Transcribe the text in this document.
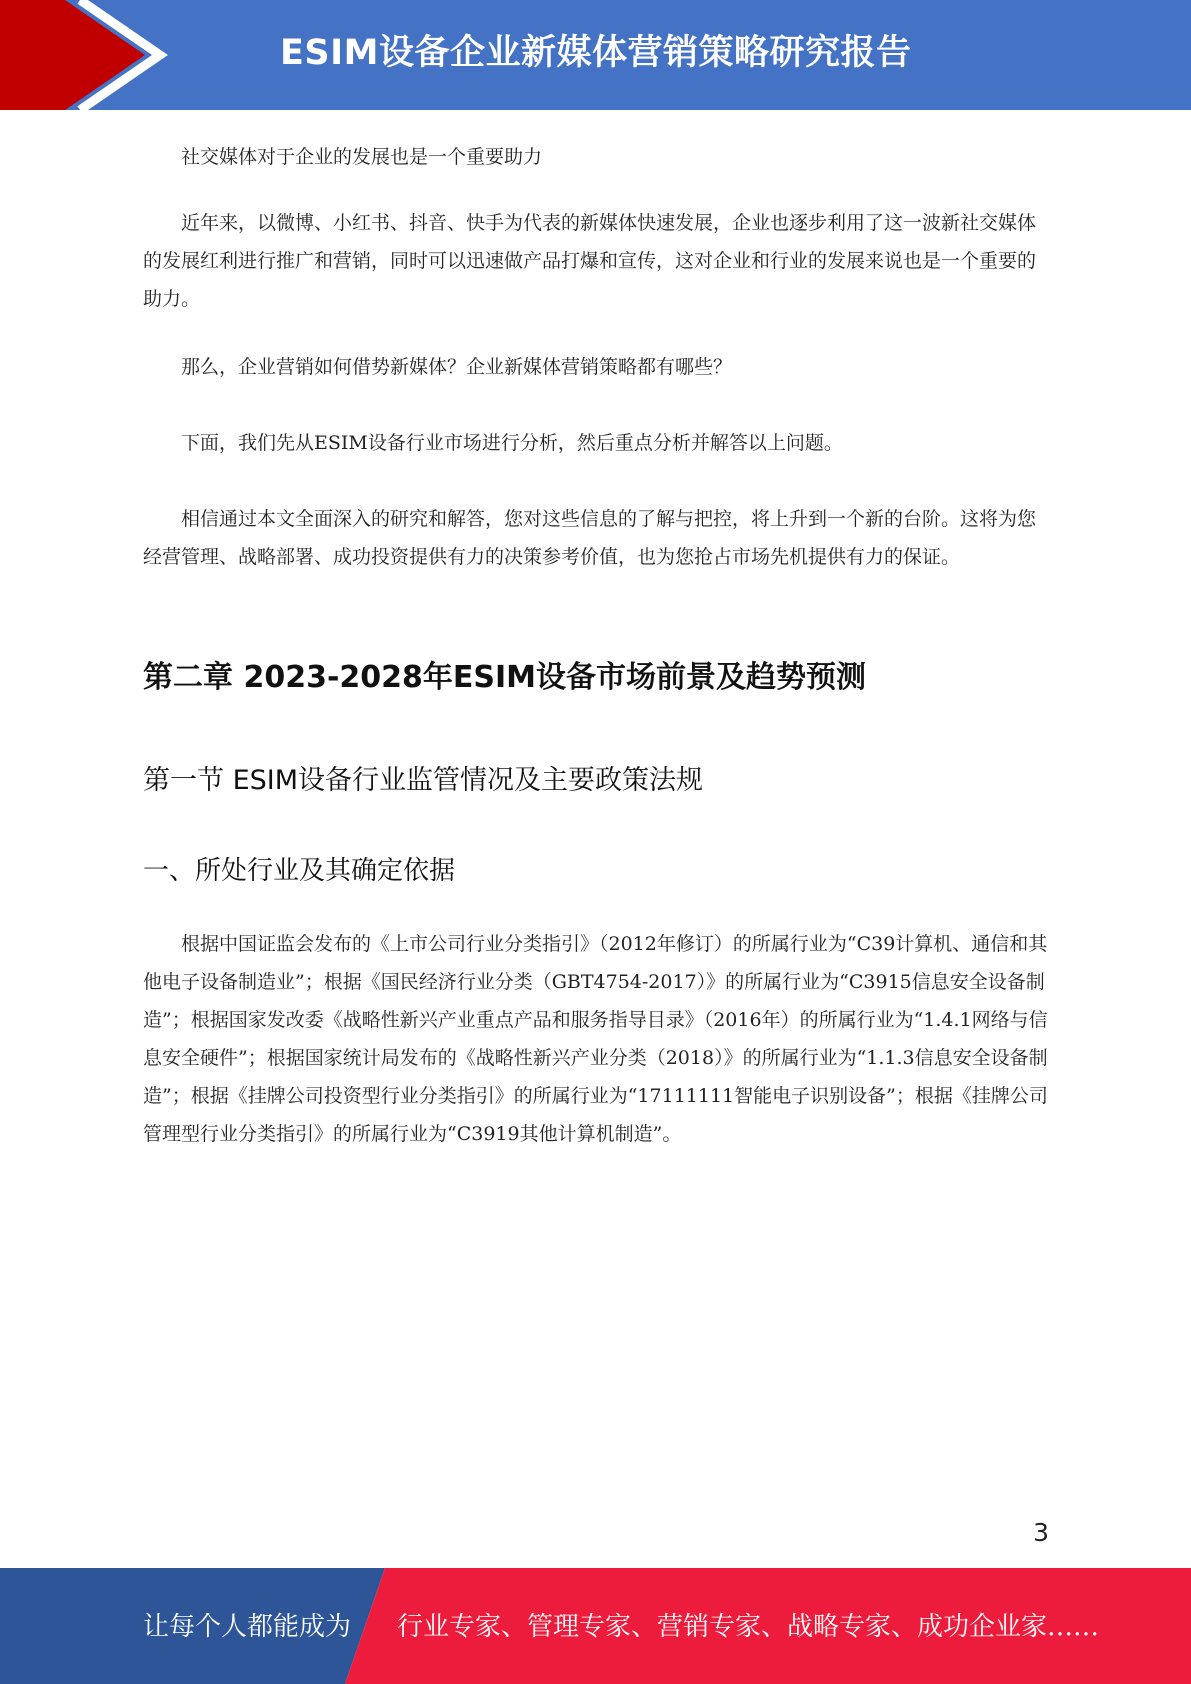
ESIM设备企业新媒体营销策略研究报告

社交媒体对于企业的发展也是一个重要助力

近年来，以微博、小红书、抖音、快手为代表的新媒体快速发展，企业也逐步利用了这一波新社交媒体的发展红利进行推广和营销，同时可以迅速做产品打爆和宣传，这对企业和行业的发展来说也是一个重要的助力。

那么，企业营销如何借势新媒体？企业新媒体营销策略都有哪些？

下面，我们先从ESIM设备行业市场进行分析，然后重点分析并解答以上问题。

相信通过本文全面深入的研究和解答，您对这些信息的了解与把控，将上升到一个新的台阶。这将为您经营管理、战略部署、成功投资提供有力的决策参考价值，也为您抢占市场先机提供有力的保证。

第二章 2023-2028年ESIM设备市场前景及趋势预测
第一节 ESIM设备行业监管情况及主要政策法规
一、所处行业及其确定依据

根据中国证监会发布的《上市公司行业分类指引》（2012年修订）的所属行业为“C39计算机、通信和其他电子设备制造业”；根据《国民经济行业分类（GBT4754-2017）》的所属行业为“C3915信息安全设备制造”；根据国家发改委《战略性新兴产业重点产品和服务指导目录》（2016年）的所属行业为“1.4.1网络与信息安全硬件”；根据国家统计局发布的《战略性新兴产业分类（2018）》的所属行业为“1.1.3信息安全设备制造”；根据《挂牌公司投资型行业分类指引》的所属行业为“17111111智能电子识别设备”；根据《挂牌公司管理型行业分类指引》的所属行业为“C3919其他计算机制造”。

3
让每个人都能成为 行业专家、管理专家、营销专家、战略专家、成功企业家……
